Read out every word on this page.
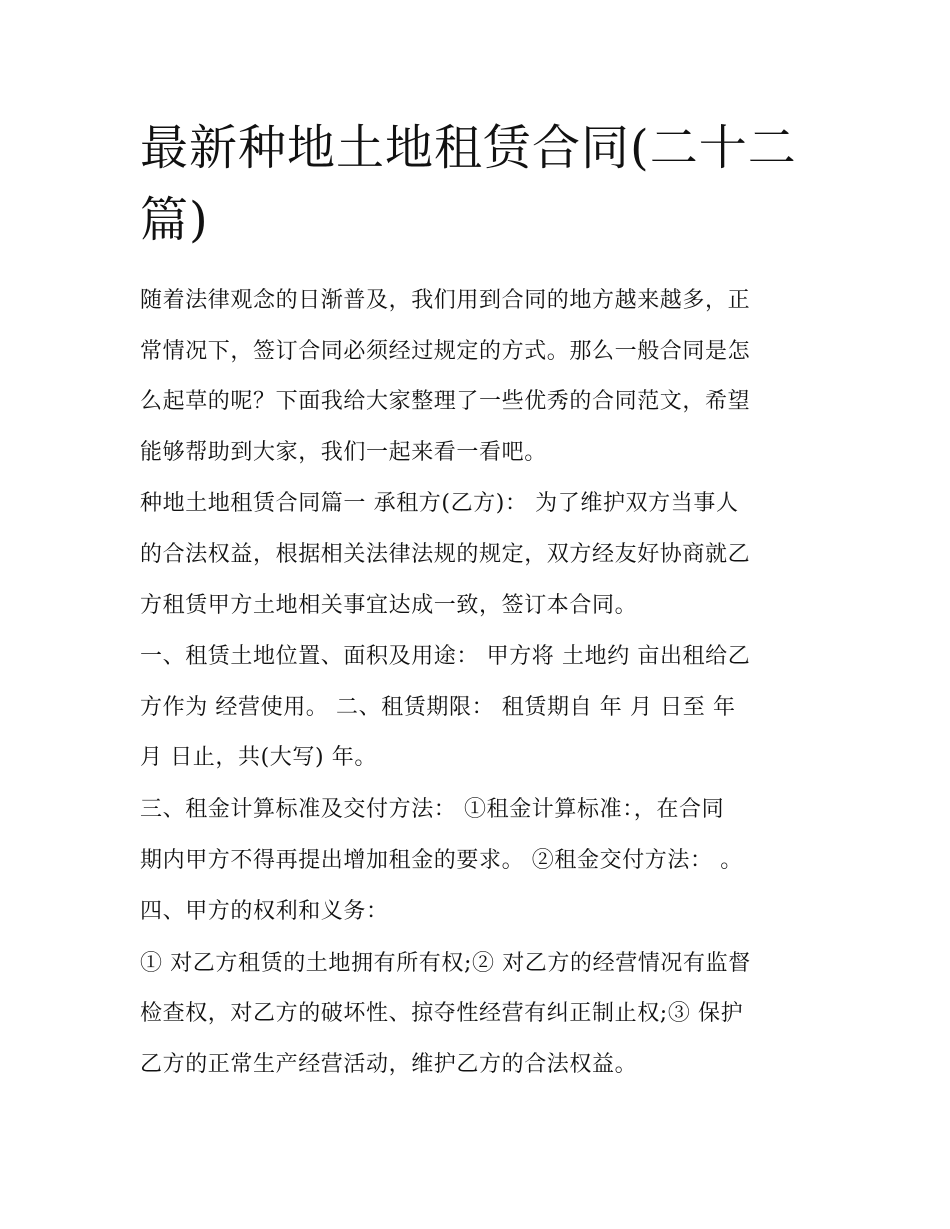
最新种地土地租赁合同(二十二
篇)

随着法律观念的日渐普及，我们用到合同的地方越来越多，正
常情况下，签订合同必须经过规定的方式。那么一般合同是怎
么起草的呢？下面我给大家整理了一些优秀的合同范文，希望
能够帮助到大家，我们一起来看一看吧。

种地土地租赁合同篇一 承租方(乙方)： 为了维护双方当事人
的合法权益，根据相关法律法规的规定，双方经友好协商就乙
方租赁甲方土地相关事宜达成一致，签订本合同。

一、租赁土地位置、面积及用途： 甲方将 土地约 亩出租给乙
方作为 经营使用。 二、租赁期限： 租赁期自 年 月 日至 年
月 日止，共(大写) 年。

三、租金计算标准及交付方法： ①租金计算标准：，在合同
期内甲方不得再提出增加租金的要求。 ②租金交付方法： 。

四、甲方的权利和义务：

① 对乙方租赁的土地拥有所有权;② 对乙方的经营情况有监督
检查权，对乙方的破坏性、掠夺性经营有纠正制止权;③ 保护
乙方的正常生产经营活动，维护乙方的合法权益。
